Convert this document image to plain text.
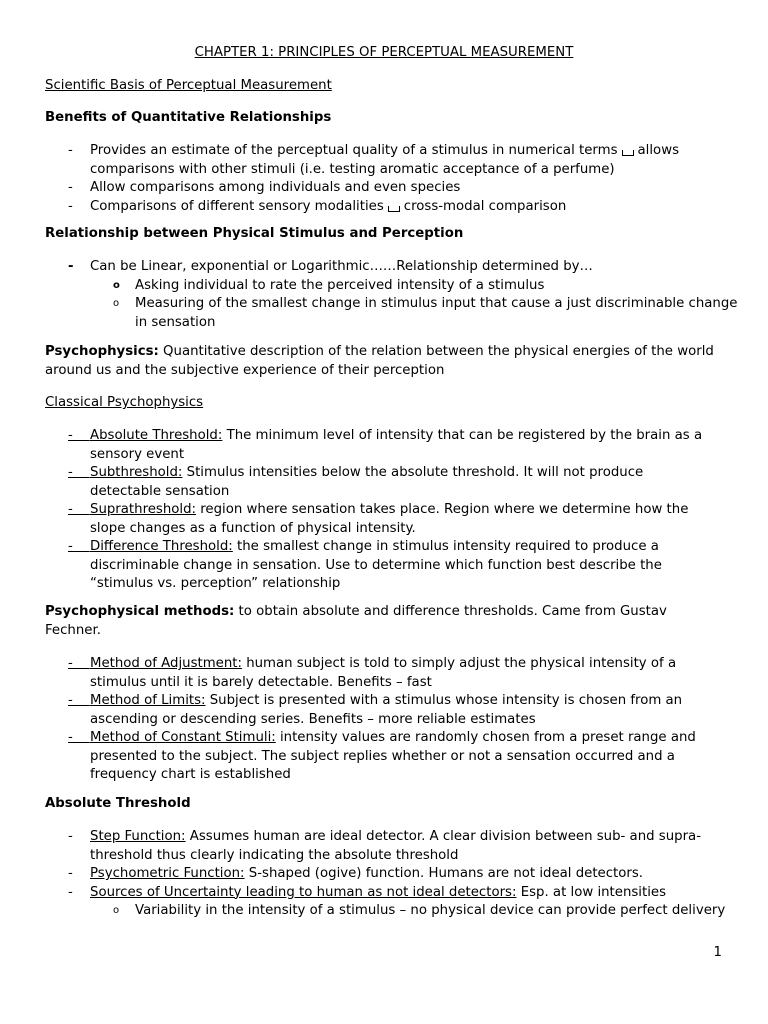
CHAPTER 1: PRINCIPLES OF PERCEPTUAL MEASUREMENT
Scientific Basis of Perceptual Measurement
Benefits of Quantitative Relationships
-	Provides an estimate of the perceptual quality of a stimulus in numerical terms allows comparisons with other stimuli (i.e. testing aromatic acceptance of a perfume)
-	Allow comparisons among individuals and even species
-	Comparisons of different sensory modalities cross-modal comparison
Relationship between Physical Stimulus and Perception
-	Can be Linear, exponential or Logarithmic……Relationship determined by…
o Asking individual to rate the perceived intensity of a stimulus
o Measuring of the smallest change in stimulus input that cause a just discriminable change in sensation
Psychophysics: Quantitative description of the relation between the physical energies of the world around us and the subjective experience of their perception
Classical Psychophysics
- Absolute Threshold: The minimum level of intensity that can be registered by the brain as a sensory event
- Subthreshold: Stimulus intensities below the absolute threshold. It will not produce detectable sensation
- Suprathreshold: region where sensation takes place. Region where we determine how the slope changes as a function of physical intensity.
- Difference Threshold: the smallest change in stimulus intensity required to produce a discriminable change in sensation. Use to determine which function best describe the “stimulus vs. perception” relationship
Psychophysical methods: to obtain absolute and difference thresholds. Came from Gustav Fechner.
- Method of Adjustment: human subject is told to simply adjust the physical intensity of a stimulus until it is barely detectable. Benefits – fast
- Method of Limits: Subject is presented with a stimulus whose intensity is chosen from an ascending or descending series. Benefits – more reliable estimates
- Method of Constant Stimuli: intensity values are randomly chosen from a preset range and presented to the subject. The subject replies whether or not a sensation occurred and a frequency chart is established
Absolute Threshold
-	Step Function: Assumes human are ideal detector. A clear division between sub- and supra- threshold thus clearly indicating the absolute threshold
-	Psychometric Function: S-shaped (ogive) function. Humans are not ideal detectors.
-	Sources of Uncertainty leading to human as not ideal detectors: Esp. at low intensities
o Variability in the intensity of a stimulus – no physical device can provide perfect delivery
1
